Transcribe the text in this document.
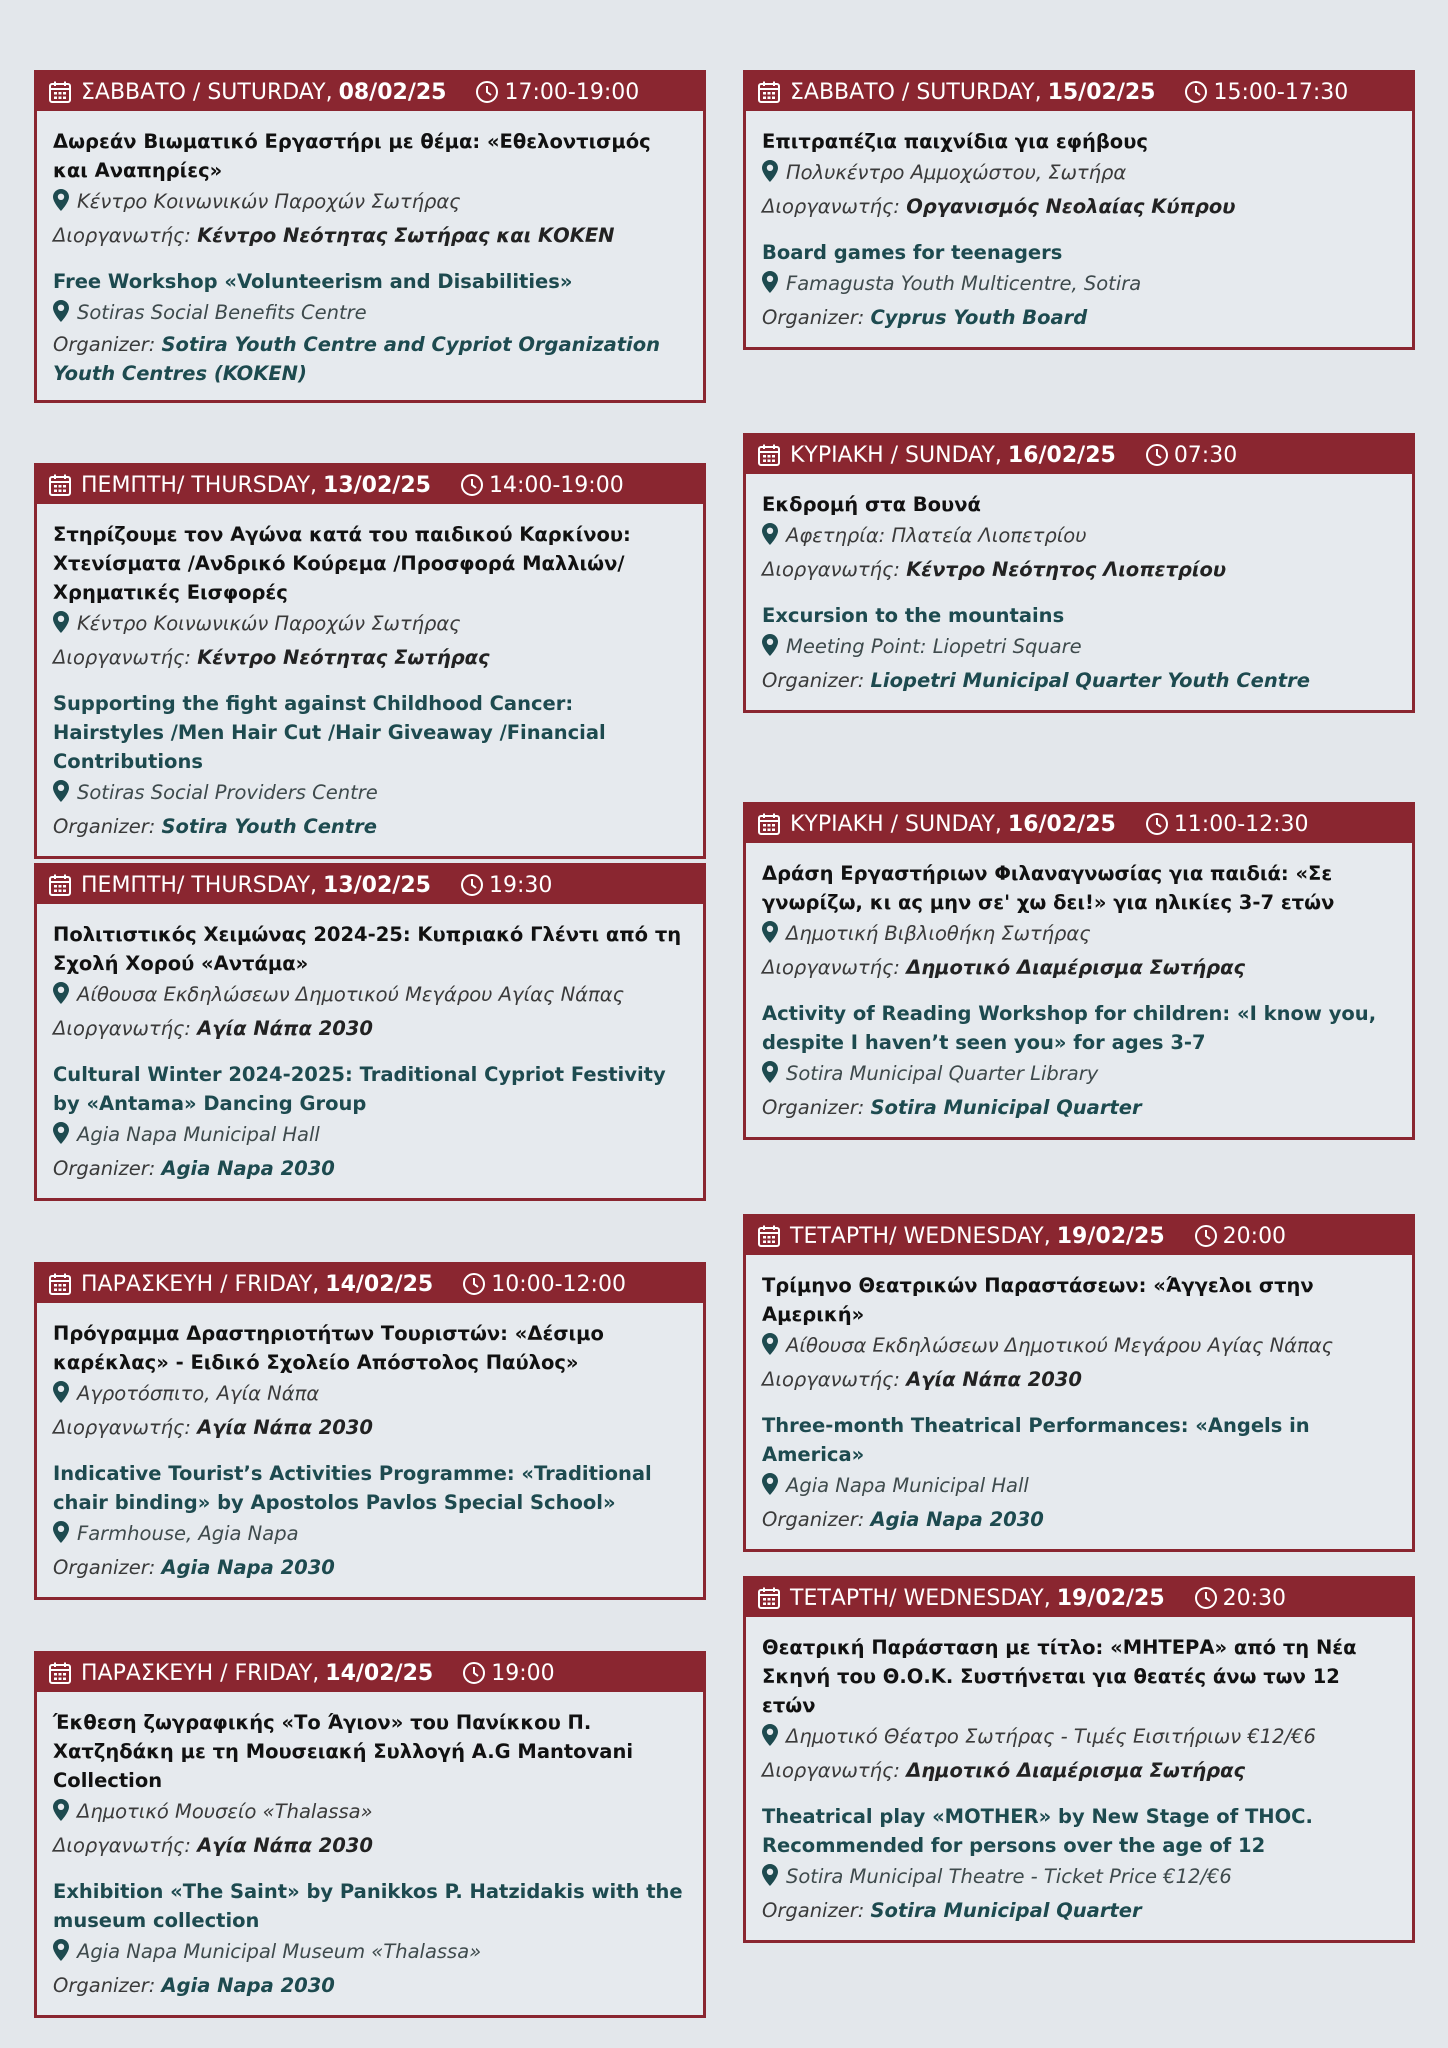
ΣΑΒΒΑΤΟ / SUTURDAY, 08/02/25	17:00-19:00
Δωρεάν Βιωματικό Εργαστήρι με θέμα: «Εθελοντισμός και Αναπηρίες»
Κέντρο Κοινωνικών Παροχών Σωτήρας
Διοργανωτής: Κέντρο Νεότητας Σωτήρας και ΚΟΚΕΝ
Free Workshop «Volunteerism and Disabilities»
Sotiras Social Benefits Centre
Organizer: Sotira Youth Centre and Cypriot Organization Youth Centres (KOKEN)
ΠΕΜΠΤΗ/ THURSDAY, 13/02/25	14:00-19:00
Στηρίζουμε τον Αγώνα κατά του παιδικού Καρκίνου: Χτενίσματα /Ανδρικό Κούρεμα /Προσφορά Μαλλιών/Χρηματικές Εισφορές
Κέντρο Κοινωνικών Παροχών Σωτήρας
Διοργανωτής: Κέντρο Νεότητας Σωτήρας
Supporting the fight against Childhood Cancer: Hairstyles /Men Hair Cut /Hair Giveaway /Financial Contributions
Sotiras Social Providers Centre
Organizer: Sotira Youth Centre
ΠΕΜΠΤΗ/ THURSDAY, 13/02/25	19:30
Πολιτιστικός Χειμώνας 2024-25: Κυπριακό Γλέντι από τη Σχολή Χορού «Αντάμα»
Αίθουσα Εκδηλώσεων Δημοτικού Μεγάρου Αγίας Νάπας
Διοργανωτής: Αγία Νάπα 2030
Cultural Winter 2024-2025: Traditional Cypriot Festivity by «Antama» Dancing Group
Agia Napa Municipal Hall
Organizer: Agia Napa 2030
ΠΑΡΑΣΚΕΥΗ / FRIDAY, 14/02/25	10:00-12:00
Πρόγραμμα Δραστηριοτήτων Τουριστών: «Δέσιμο καρέκλας» - Ειδικό Σχολείο Απόστολος Παύλος»
Αγροτόσπιτο, Αγία Νάπα
Διοργανωτής: Αγία Νάπα 2030
Indicative Tourist’s Activities Programme: «Traditional chair binding» by Apostolos Pavlos Special School»
Farmhouse, Agia Napa
Organizer: Agia Napa 2030
ΠΑΡΑΣΚΕΥΗ / FRIDAY, 14/02/25	19:00
Έκθεση ζωγραφικής «Το Άγιον» του Πανίκκου Π. Χατζηδάκη με τη Μουσειακή Συλλογή A.G Mantovani Collection
Δημοτικό Μουσείο «Thalassa»
Διοργανωτής: Αγία Νάπα 2030
Exhibition «The Saint» by Panikkos P. Hatzidakis with the museum collection
Agia Napa Municipal Museum «Thalassa»
Organizer: Agia Napa 2030
ΣΑΒΒΑΤΟ / SUTURDAY, 15/02/25	15:00-17:30
Επιτραπέζια παιχνίδια για εφήβους
Πολυκέντρο Αμμοχώστου, Σωτήρα
Διοργανωτής: Οργανισμός Νεολαίας Κύπρου
Board games for teenagers
Famagusta Youth Multicentre, Sotira
Organizer: Cyprus Youth Board
ΚΥΡΙΑΚΗ / SUNDAY, 16/02/25	07:30
Εκδρομή στα Βουνά
Αφετηρία: Πλατεία Λιοπετρίου
Διοργανωτής: Κέντρο Νεότητος Λιοπετρίου
Excursion to the mountains
Meeting Point: Liopetri Square
Organizer: Liopetri Municipal Quarter Youth Centre
ΚΥΡΙΑΚΗ / SUNDAY, 16/02/25	11:00-12:30
Δράση Εργαστήριων Φιλαναγνωσίας για παιδιά: «Σε γνωρίζω, κι ας μην σε' χω δει!» για ηλικίες 3-7 ετών
Δημοτική Βιβλιοθήκη Σωτήρας
Διοργανωτής: Δημοτικό Διαμέρισμα Σωτήρας
Activity of Reading Workshop for children: «I know you, despite I haven’t seen you» for ages 3-7
Sotira Municipal Quarter Library
Organizer: Sotira Municipal Quarter
ΤΕΤΑΡΤΗ/ WEDNESDAY, 19/02/25	20:00
Τρίμηνο Θεατρικών Παραστάσεων: «Άγγελοι στην Αμερική»
Αίθουσα Εκδηλώσεων Δημοτικού Μεγάρου Αγίας Νάπας
Διοργανωτής: Αγία Νάπα 2030
Three-month Theatrical Performances: «Angels in America»
Agia Napa Municipal Hall
Organizer: Agia Napa 2030
ΤΕΤΑΡΤΗ/ WEDNESDAY, 19/02/25	20:30
Θεατρική Παράσταση με τίτλο: «ΜΗΤΕΡΑ» από τη Νέα Σκηνή του Θ.Ο.Κ. Συστήνεται για θεατές άνω των 12 ετών
Δημοτικό Θέατρο Σωτήρας - Τιμές Εισιτήριων €12/€6
Διοργανωτής: Δημοτικό Διαμέρισμα Σωτήρας
Theatrical play «MOTHER» by New Stage of THOC. Recommended for persons over the age of 12
Sotira Municipal Theatre - Ticket Price €12/€6
Organizer: Sotira Municipal Quarter
